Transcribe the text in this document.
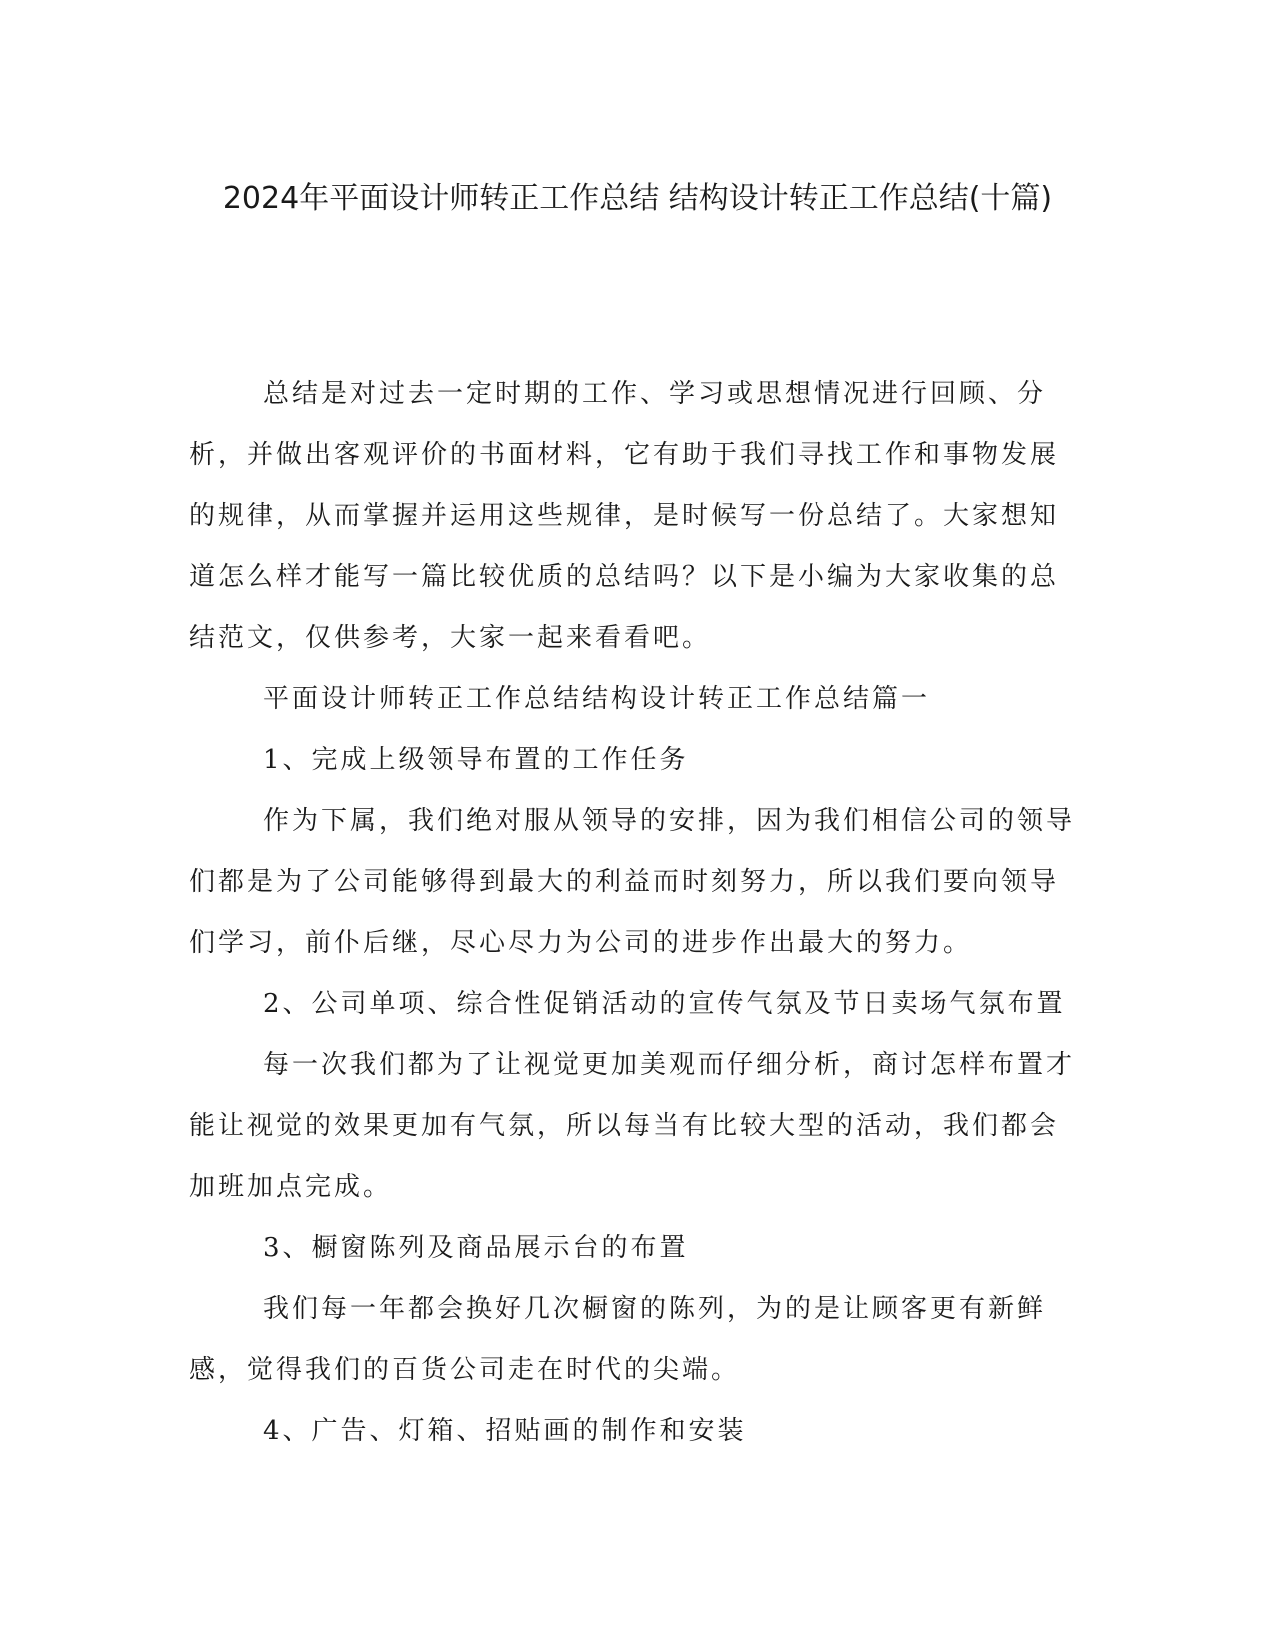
2024年平面设计师转正工作总结 结构设计转正工作总结(十篇)

总结是对过去一定时期的工作、学习或思想情况进行回顾、分析，并做出客观评价的书面材料，它有助于我们寻找工作和事物发展的规律，从而掌握并运用这些规律，是时候写一份总结了。大家想知道怎么样才能写一篇比较优质的总结吗？以下是小编为大家收集的总结范文，仅供参考，大家一起来看看吧。

平面设计师转正工作总结结构设计转正工作总结篇一

1、完成上级领导布置的工作任务

作为下属，我们绝对服从领导的安排，因为我们相信公司的领导们都是为了公司能够得到最大的利益而时刻努力，所以我们要向领导们学习，前仆后继，尽心尽力为公司的进步作出最大的努力。

2、公司单项、综合性促销活动的宣传气氛及节日卖场气氛布置

每一次我们都为了让视觉更加美观而仔细分析，商讨怎样布置才能让视觉的效果更加有气氛，所以每当有比较大型的活动，我们都会加班加点完成。

3、橱窗陈列及商品展示台的布置

我们每一年都会换好几次橱窗的陈列，为的是让顾客更有新鲜感，觉得我们的百货公司走在时代的尖端。

4、广告、灯箱、招贴画的制作和安装
